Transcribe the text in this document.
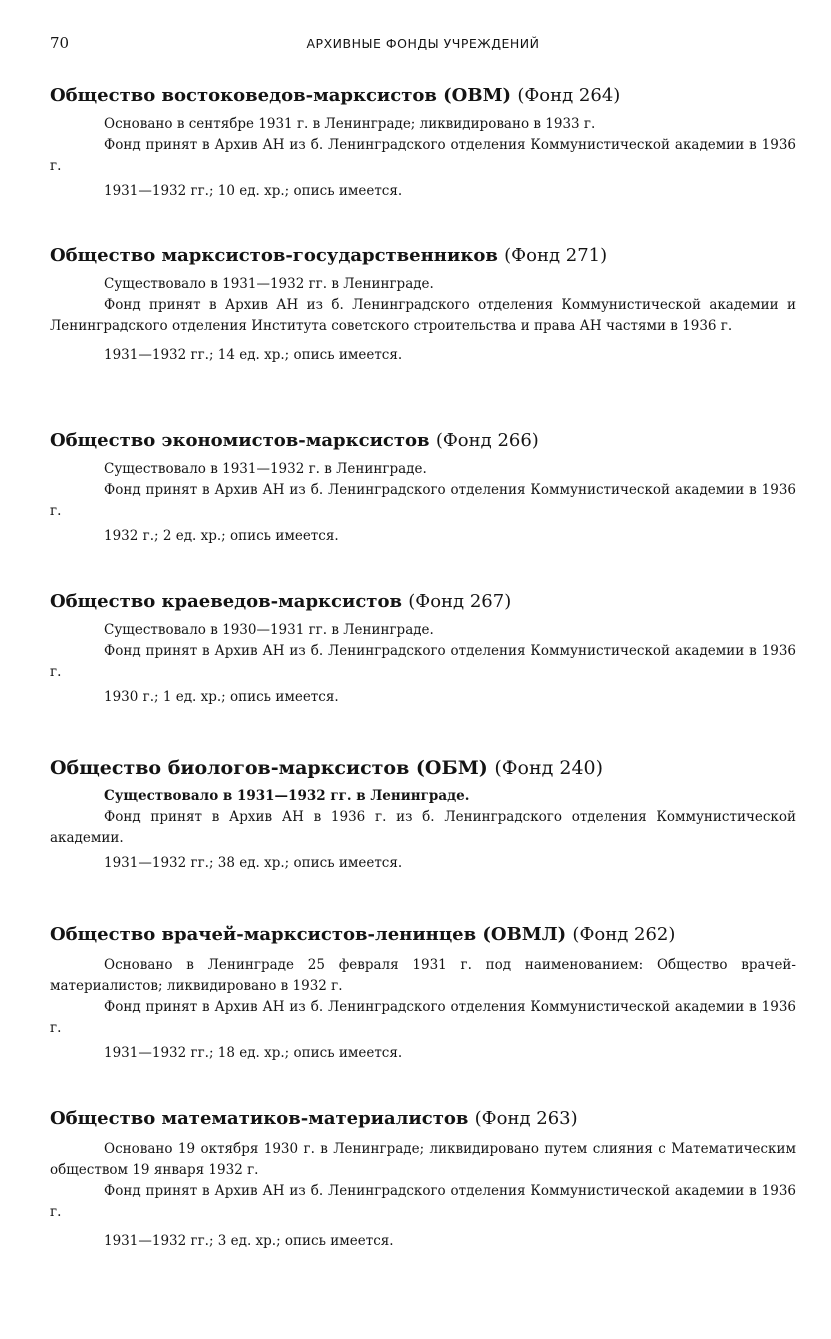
70	АРХИВНЫЕ ФОНДЫ УЧРЕЖДЕНИЙ
Общество востоковедов-марксистов (ОВМ) (Фонд 264)

Основано в сентябре 1931 г. в Ленинграде; ликвидировано в 1933 г.

Фонд принят в Архив АН из б. Ленинградского отделения Коммунистической академии в 1936 г.

1931—1932 гг.; 10 ед. хр.; опись имеется.

Общество марксистов-государственников (Фонд 271)

Существовало в 1931—1932 гг. в Ленинграде.

Фонд принят в Архив АН из б. Ленинградского отделения Коммунистической академии и Ленинградского отделения Института советского строительства и права АН частями в 1936 г.

1931—1932 гг.; 14 ед. хр.; опись имеется.

Общество экономистов-марксистов (Фонд 266)

Существовало в 1931—1932 г. в Ленинграде.

Фонд принят в Архив АН из б. Ленинградского отделения Коммунистической академии в 1936 г.

1932 г.; 2 ед. хр.; опись имеется.

Общество краеведов-марксистов (Фонд 267)

Существовало в 1930—1931 гг. в Ленинграде.

Фонд принят в Архив АН из б. Ленинградского отделения Коммунистической академии в 1936 г.

1930 г.; 1 ед. хр.; опись имеется.

Общество биологов-марксистов (ОБМ) (Фонд 240)

Существовало в 1931—1932 гг. в Ленинграде.

Фонд принят в Архив АН в 1936 г. из б. Ленинградского отделения Коммунистической академии.

1931—1932 гг.; 38 ед. хр.; опись имеется.

Общество врачей-марксистов-ленинцев (ОВМЛ) (Фонд 262)

Основано в Ленинграде 25 февраля 1931 г. под наименованием: Общество врачей-материалистов; ликвидировано в 1932 г.

Фонд принят в Архив АН из б. Ленинградского отделения Коммунистической академии в 1936 г.

1931—1932 гг.; 18 ед. хр.; опись имеется.

Общество математиков-материалистов (Фонд 263)

Основано 19 октября 1930 г. в Ленинграде; ликвидировано путем слияния с Математическим обществом 19 января 1932 г.

Фонд принят в Архив АН из б. Ленинградского отделения Коммунистической академии в 1936 г.

1931—1932 гг.; 3 ед. хр.; опись имеется.
